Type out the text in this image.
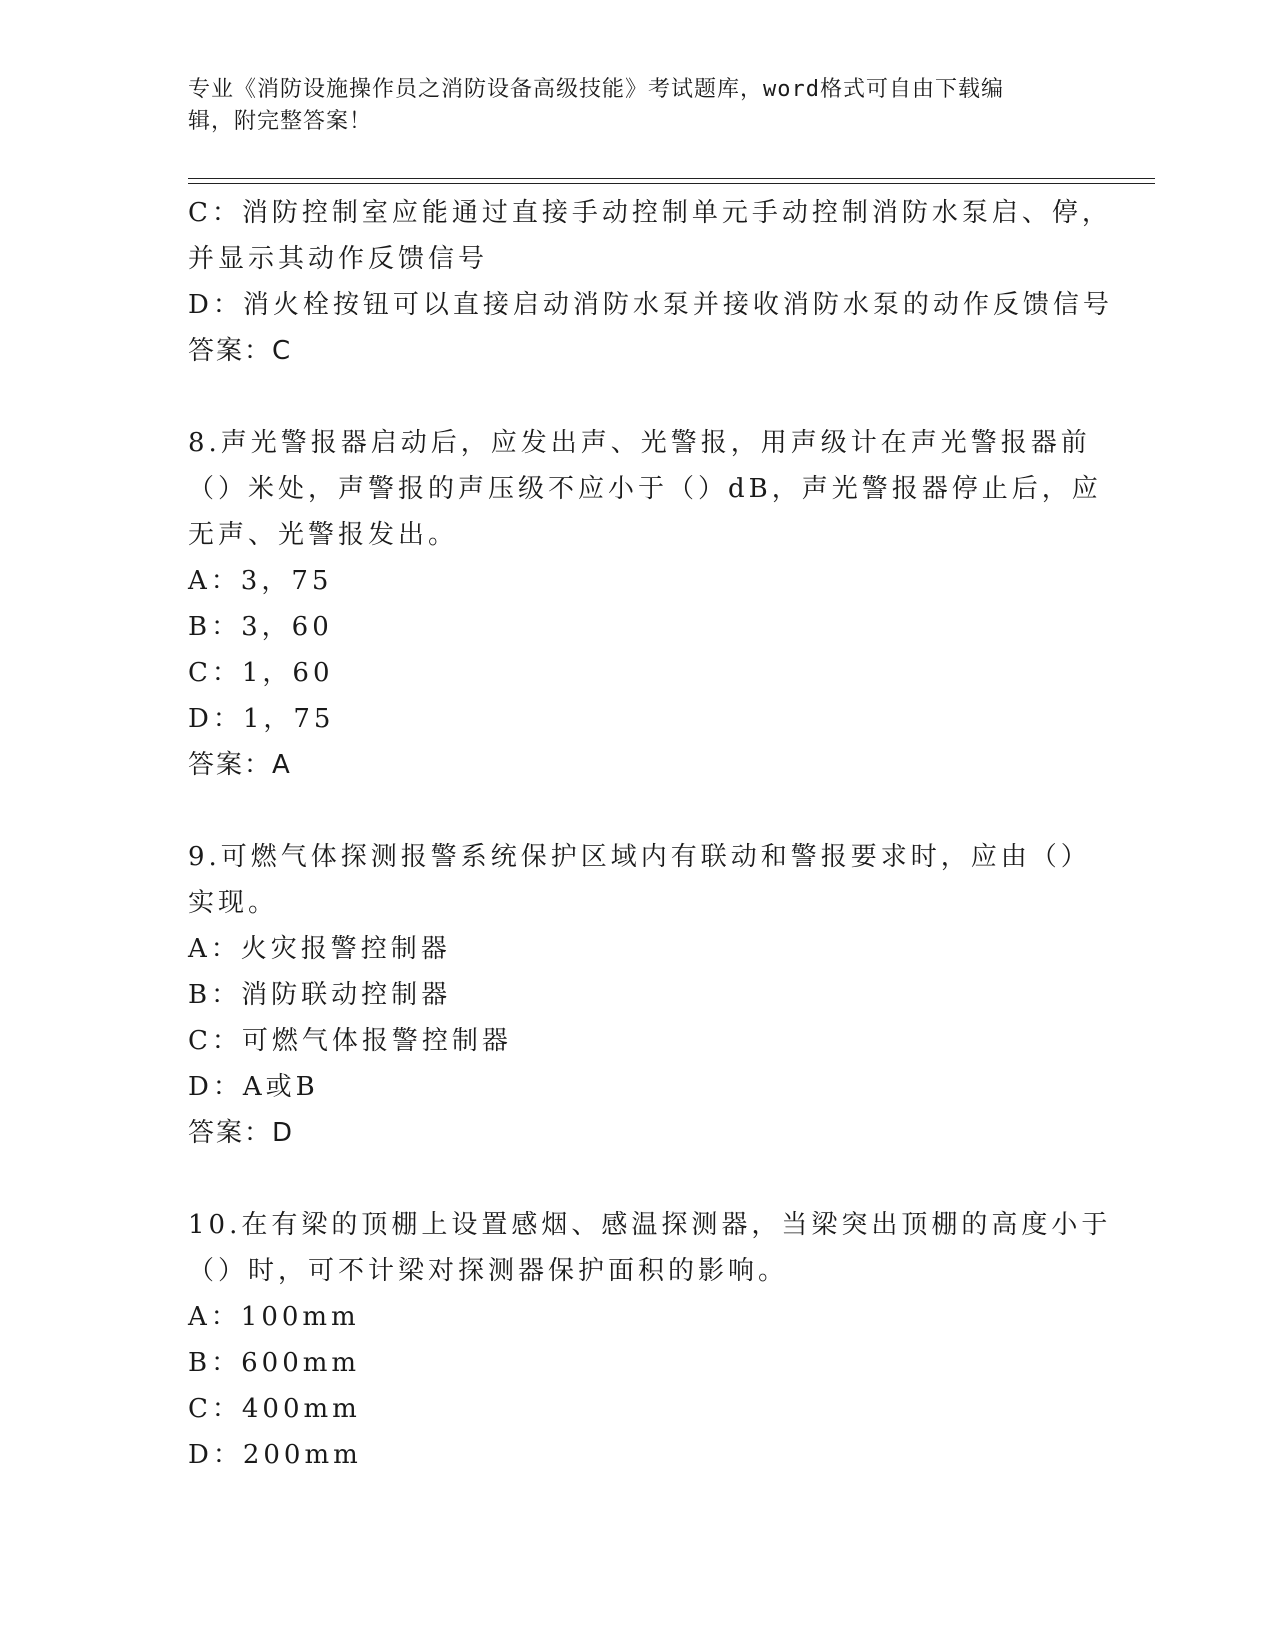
专业《消防设施操作员之消防设备高级技能》考试题库，word格式可自由下载编
辑，附完整答案！
C：消防控制室应能通过直接手动控制单元手动控制消防水泵启、停，
并显示其动作反馈信号
D：消火栓按钮可以直接启动消防水泵并接收消防水泵的动作反馈信号
答案：C
8.声光警报器启动后，应发出声、光警报，用声级计在声光警报器前
（）米处，声警报的声压级不应小于（）dB，声光警报器停止后，应
无声、光警报发出。
A：3，75
B：3，60
C：1，60
D：1，75
答案：A
9.可燃气体探测报警系统保护区域内有联动和警报要求时，应由（）
实现。
A：火灾报警控制器
B：消防联动控制器
C：可燃气体报警控制器
D：A或B
答案：D
10.在有梁的顶棚上设置感烟、感温探测器，当梁突出顶棚的高度小于
（）时，可不计梁对探测器保护面积的影响。
A：100mm
B：600mm
C：400mm
D：200mm
